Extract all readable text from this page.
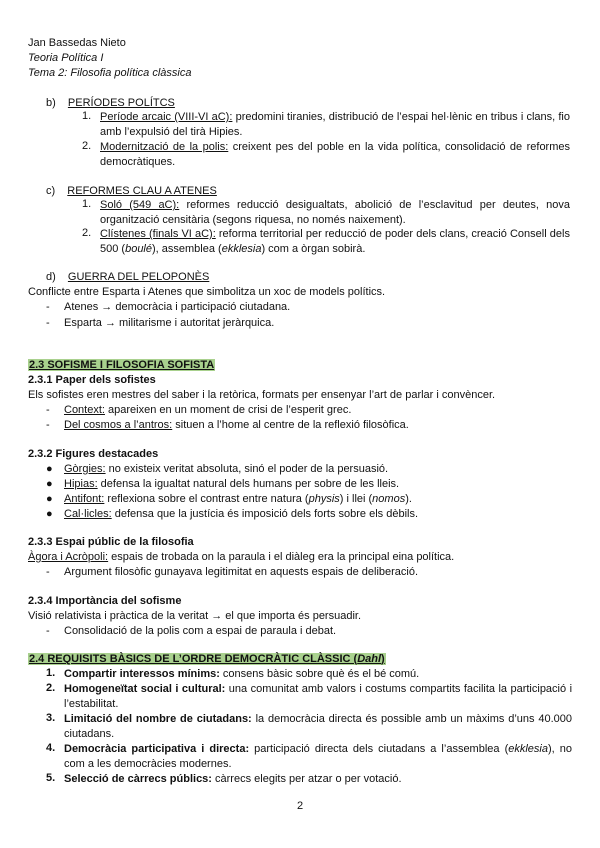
Jan Bassedas Nieto
Teoria Política I
Tema 2: Filosofia política clàssica
b) PERÍODES POLÍTCS
1. Període arcaic (VIII-VI aC): predomini tiranies, distribució de l’espai hel·lènic en tribus i clans, fio amb l’expulsió del tirà Hipies.
2. Modernització de la polis: creixent pes del poble en la vida política, consolidació de reformes democràtiques.
c) REFORMES CLAU A ATENES
1. Soló (549 aC): reformes reducció desigualtats, abolició de l’esclavitud per deutes, nova organització censitària (segons riquesa, no només naixement).
2. Clístenes (finals VI aC): reforma territorial per reducció de poder dels clans, creació Consell dels 500 (boulé), assemblea (ekklesia) com a òrgan sobirà.
d) GUERRA DEL PELOPONÈS
Conflicte entre Esparta i Atenes que simbolitza un xoc de models polítics.
- Atenes → democràcia i participació ciutadana.
- Esparta → militarisme i autoritat jeràrquica.
2.3 SOFISME I FILOSOFIA SOFISTA
2.3.1 Paper dels sofistes
Els sofistes eren mestres del saber i la retòrica, formats per ensenyar l’art de parlar i convèncer.
- Context: apareixen en un moment de crisi de l’esperit grec.
- Del cosmos a l’antros: situen a l’home al centre de la reflexió filosòfica.
2.3.2 Figures destacades
● Gòrgies: no existeix veritat absoluta, sinó el poder de la persuasió.
● Hipias: defensa la igualtat natural dels humans per sobre de les lleis.
● Antifont: reflexiona sobre el contrast entre natura (physis) i llei (nomos).
● Cal·licles: defensa que la justícia és imposició dels forts sobre els dèbils.
2.3.3 Espai públic de la filosofia
Àgora i Acròpoli: espais de trobada on la paraula i el diàleg era la principal eina política.
- Argument filosòfic gunayava legitimitat en aquests espais de deliberació.
2.3.4 Importància del sofisme
Visió relativista i pràctica de la veritat → el que importa és persuadir.
- Consolidació de la polis com a espai de paraula i debat.
2.4 REQUISITS BÀSICS DE L’ORDRE DEMOCRÀTIC CLÀSSIC (Dahl)
1. Compartir interessos mínims: consens bàsic sobre què és el bé comú.
2. Homogeneïtat social i cultural: una comunitat amb valors i costums compartits facilita la participació i l’estabilitat.
3. Limitació del nombre de ciutadans: la democràcia directa és possible amb un màxims d’uns 40.000 ciutadans.
4. Democràcia participativa i directa: participació directa dels ciutadans a l’assemblea (ekklesia), no com a les democràcies modernes.
5. Selecció de càrrecs públics: càrrecs elegits per atzar o per votació.
2
